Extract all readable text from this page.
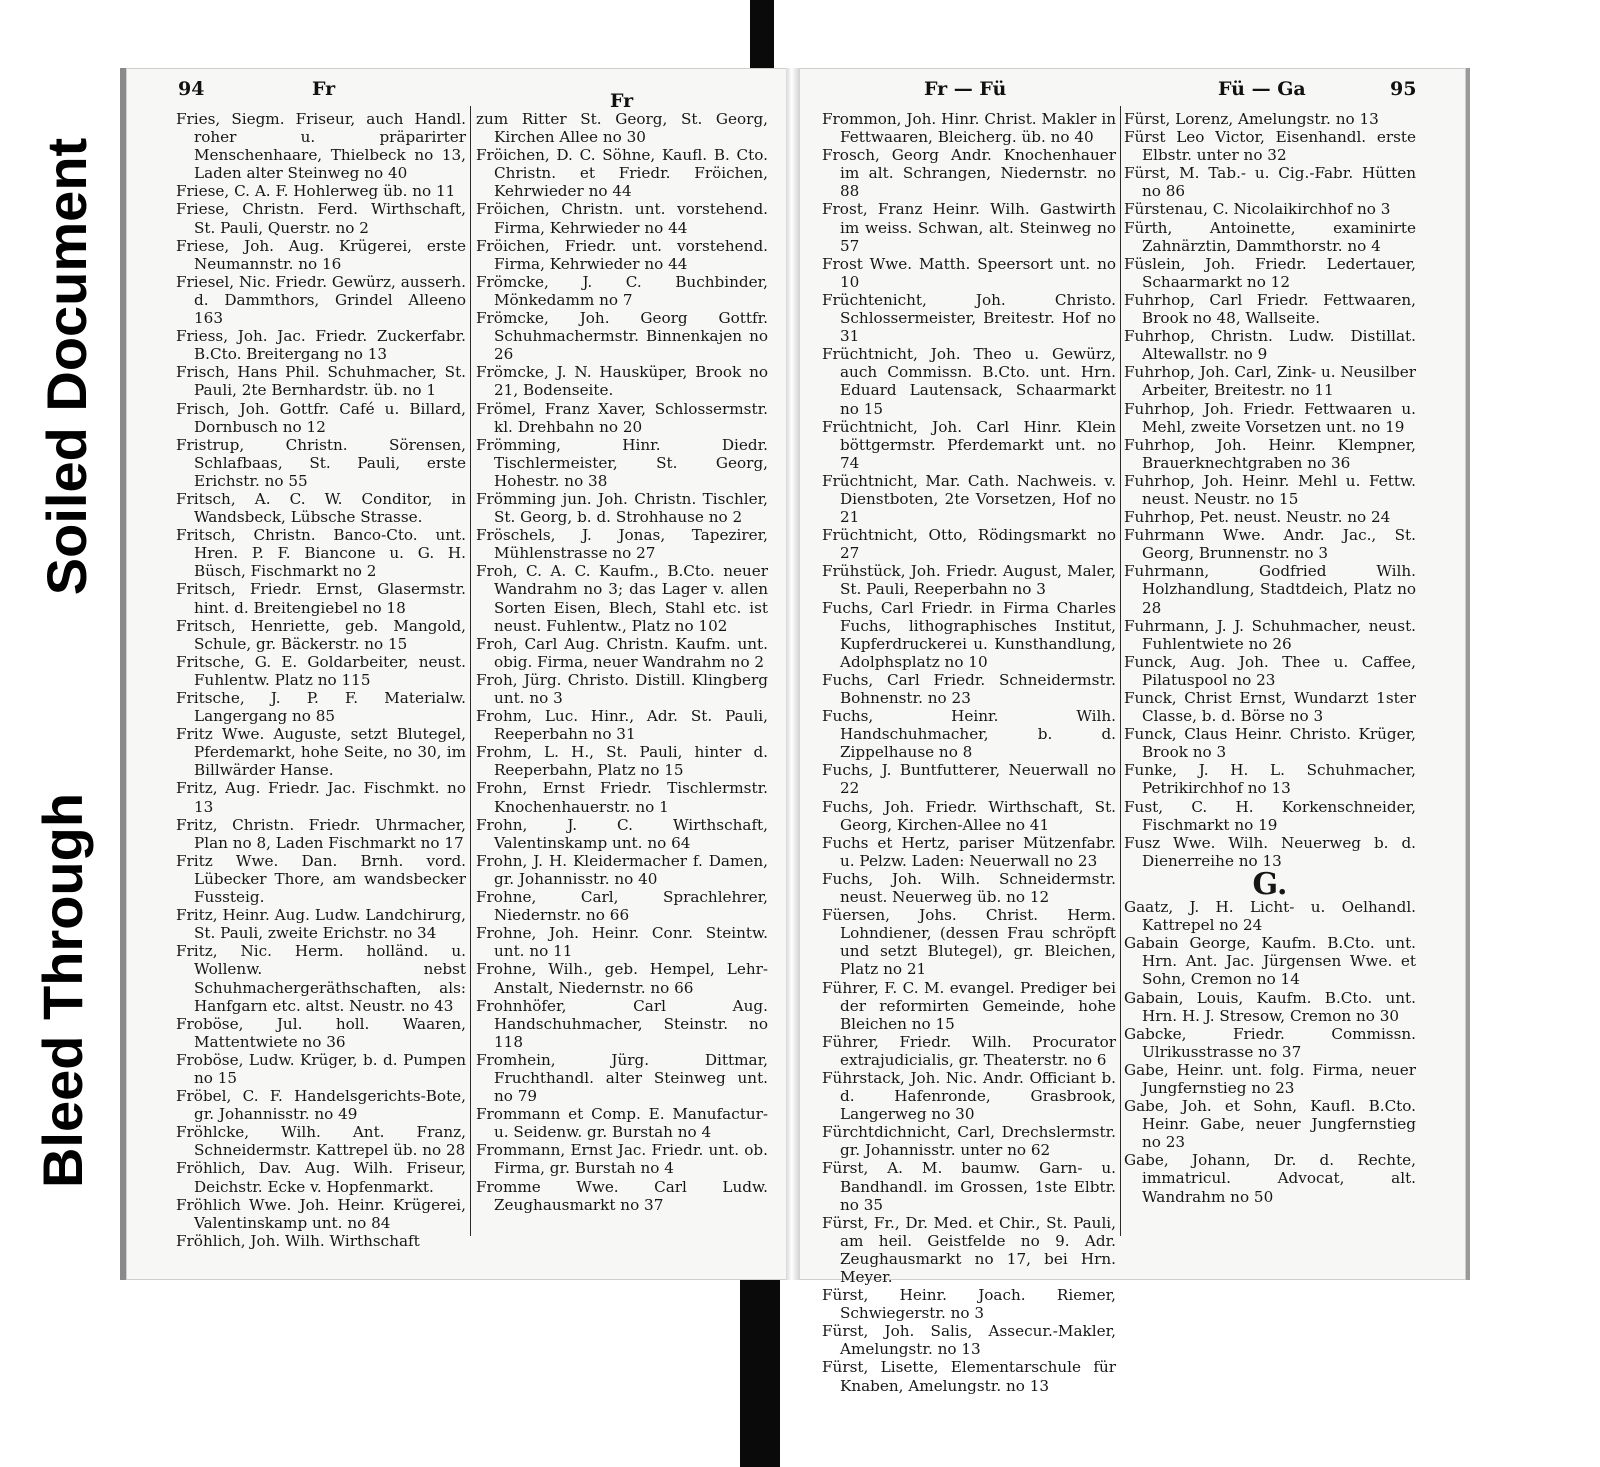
94	Fr
Fr
Fr — Fü	Fü — Ga	95

Fries, Siegm. Friseur, auch Handl. roher u. präparirter Menschenhaare, Thielbeck no 13, Laden alter Steinweg no 40

Friese, C. A. F. Hohlerweg üb. no 11

Friese, Christn. Ferd. Wirthschaft, St. Pauli, Querstr. no 2

Friese, Joh. Aug. Krügerei, erste Neumannstr. no 16

Friesel, Nic. Friedr. Gewürz, ausserh. d. Dammthors, Grindel Alleeno 163

Friess, Joh. Jac. Friedr. Zuckerfabr. B.Cto. Breitergang no 13

Frisch, Hans Phil. Schuhmacher, St. Pauli, 2te Bernhardstr. üb. no 1

Frisch, Joh. Gottfr. Café u. Billard, Dornbusch no 12

Fristrup, Christn. Sörensen, Schlafbaas, St. Pauli, erste Erichstr. no 55

Fritsch, A. C. W. Conditor, in Wandsbeck, Lübsche Strasse.

Fritsch, Christn. Banco-Cto. unt. Hren. P. F. Biancone u. G. H. Büsch, Fischmarkt no 2

Fritsch, Friedr. Ernst, Glasermstr. hint. d. Breitengiebel no 18

Fritsch, Henriette, geb. Mangold, Schule, gr. Bäckerstr. no 15

Fritsche, G. E. Goldarbeiter, neust. Fuhlentw. Platz no 115

Fritsche, J. P. F. Materialw. Langergang no 85

Fritz Wwe. Auguste, setzt Blutegel, Pferdemarkt, hohe Seite, no 30, im Billwärder Hanse.

Fritz, Aug. Friedr. Jac. Fischmkt. no 13

Fritz, Christn. Friedr. Uhrmacher, Plan no 8, Laden Fischmarkt no 17

Fritz Wwe. Dan. Brnh. vord. Lübecker Thore, am wandsbecker Fussteig.

Fritz, Heinr. Aug. Ludw. Landchirurg, St. Pauli, zweite Erichstr. no 34

Fritz, Nic. Herm. holländ. u. Wollenw. nebst Schuhmachergeräthschaften, als: Hanfgarn etc. altst. Neustr. no 43

Froböse, Jul. holl. Waaren, Mattentwiete no 36

Froböse, Ludw. Krüger, b. d. Pumpen no 15

Fröbel, C. F. Handelsgerichts-Bote, gr. Johannisstr. no 49

Fröhlcke, Wilh. Ant. Franz, Schneidermstr. Kattrepel üb. no 28

Fröhlich, Dav. Aug. Wilh. Friseur, Deichstr. Ecke v. Hopfenmarkt.

Fröhlich Wwe. Joh. Heinr. Krügerei, Valentinskamp unt. no 84

Fröhlich, Joh. Wilh. Wirthschaft

zum Ritter St. Georg, St. Georg, Kirchen Allee no 30

Fröichen, D. C. Söhne, Kaufl. B. Cto. Christn. et Friedr. Fröichen, Kehrwieder no 44

Fröichen, Christn. unt. vorstehend. Firma, Kehrwieder no 44

Fröichen, Friedr. unt. vorstehend. Firma, Kehrwieder no 44

Frömcke, J. C. Buchbinder, Mönkedamm no 7

Frömcke, Joh. Georg Gottfr. Schuhmachermstr. Binnenkajen no 26

Frömcke, J. N. Hausküper, Brook no 21, Bodenseite.

Frömel, Franz Xaver, Schlossermstr. kl. Drehbahn no 20

Frömming, Hinr. Diedr. Tischlermeister, St. Georg, Hohestr. no 38

Frömming jun. Joh. Christn. Tischler, St. Georg, b. d. Strohhause no 2

Fröschels, J. Jonas, Tapezirer, Mühlenstrasse no 27

Froh, C. A. C. Kaufm., B.Cto. neuer Wandrahm no 3; das Lager v. allen Sorten Eisen, Blech, Stahl etc. ist neust. Fuhlentw., Platz no 102

Froh, Carl Aug. Christn. Kaufm. unt. obig. Firma, neuer Wandrahm no 2

Froh, Jürg. Christo. Distill. Klingberg unt. no 3

Frohm, Luc. Hinr., Adr. St. Pauli, Reeperbahn no 31

Frohm, L. H., St. Pauli, hinter d. Reeperbahn, Platz no 15

Frohn, Ernst Friedr. Tischlermstr. Knochenhauerstr. no 1

Frohn, J. C. Wirthschaft, Valentinskamp unt. no 64

Frohn, J. H. Kleidermacher f. Damen, gr. Johannisstr. no 40

Frohne, Carl, Sprachlehrer, Niedernstr. no 66

Frohne, Joh. Heinr. Conr. Steintw. unt. no 11

Frohne, Wilh., geb. Hempel, Lehr-Anstalt, Niedernstr. no 66

Frohnhöfer, Carl Aug. Handschuhmacher, Steinstr. no 118

Fromhein, Jürg. Dittmar, Fruchthandl. alter Steinweg unt. no 79

Frommann et Comp. E. Manufactur- u. Seidenw. gr. Burstah no 4

Frommann, Ernst Jac. Friedr. unt. ob. Firma, gr. Burstah no 4

Fromme Wwe. Carl Ludw. Zeughausmarkt no 37

Frommon, Joh. Hinr. Christ. Makler in Fettwaaren, Bleicherg. üb. no 40

Frosch, Georg Andr. Knochenhauer im alt. Schrangen, Niedernstr. no 88

Frost, Franz Heinr. Wilh. Gastwirth im weiss. Schwan, alt. Steinweg no 57

Frost Wwe. Matth. Speersort unt. no 10

Früchtenicht, Joh. Christo. Schlossermeister, Breitestr. Hof no 31

Früchtnicht, Joh. Theo u. Gewürz, auch Commissn. B.Cto. unt. Hrn. Eduard Lautensack, Schaarmarkt no 15

Früchtnicht, Joh. Carl Hinr. Klein böttgermstr. Pferdemarkt unt. no 74

Früchtnicht, Mar. Cath. Nachweis. v. Dienstboten, 2te Vorsetzen, Hof no 21

Früchtnicht, Otto, Rödingsmarkt no 27

Frühstück, Joh. Friedr. August, Maler, St. Pauli, Reeperbahn no 3

Fuchs, Carl Friedr. in Firma Charles Fuchs, lithographisches Institut, Kupferdruckerei u. Kunsthandlung, Adolphsplatz no 10

Fuchs, Carl Friedr. Schneidermstr. Bohnenstr. no 23

Fuchs, Heinr. Wilh. Handschuhmacher, b. d. Zippelhause no 8

Fuchs, J. Buntfutterer, Neuerwall no 22

Fuchs, Joh. Friedr. Wirthschaft, St. Georg, Kirchen-Allee no 41

Fuchs et Hertz, pariser Mützenfabr. u. Pelzw. Laden: Neuerwall no 23

Fuchs, Joh. Wilh. Schneidermstr. neust. Neuerweg üb. no 12

Füersen, Johs. Christ. Herm. Lohndiener, (dessen Frau schröpft und setzt Blutegel), gr. Bleichen, Platz no 21

Führer, F. C. M. evangel. Prediger bei der reformirten Gemeinde, hohe Bleichen no 15

Führer, Friedr. Wilh. Procurator extrajudicialis, gr. Theaterstr. no 6

Führstack, Joh. Nic. Andr. Officiant b. d. Hafenronde, Grasbrook, Langerweg no 30

Fürchtdichnicht, Carl, Drechslermstr. gr. Johannisstr. unter no 62

Fürst, A. M. baumw. Garn- u. Bandhandl. im Grossen, 1ste Elbtr. no 35

Fürst, Fr., Dr. Med. et Chir., St. Pauli, am heil. Geistfelde no 9. Adr. Zeughausmarkt no 17, bei Hrn. Meyer.

Fürst, Heinr. Joach. Riemer, Schwiegerstr. no 3

Fürst, Joh. Salis, Assecur.-Makler, Amelungstr. no 13

Fürst, Lisette, Elementarschule für Knaben, Amelungstr. no 13

Fürst, Lorenz, Amelungstr. no 13

Fürst Leo Victor, Eisenhandl. erste Elbstr. unter no 32

Fürst, M. Tab.- u. Cig.-Fabr. Hütten no 86

Fürstenau, C. Nicolaikirchhof no 3

Fürth, Antoinette, examinirte Zahnärztin, Dammthorstr. no 4

Füslein, Joh. Friedr. Ledertauer, Schaarmarkt no 12

Fuhrhop, Carl Friedr. Fettwaaren, Brook no 48, Wallseite.

Fuhrhop, Christn. Ludw. Distillat. Altewallstr. no 9

Fuhrhop, Joh. Carl, Zink- u. Neusilber Arbeiter, Breitestr. no 11

Fuhrhop, Joh. Friedr. Fettwaaren u. Mehl, zweite Vorsetzen unt. no 19

Fuhrhop, Joh. Heinr. Klempner, Brauerknechtgraben no 36

Fuhrhop, Joh. Heinr. Mehl u. Fettw. neust. Neustr. no 15

Fuhrhop, Pet. neust. Neustr. no 24

Fuhrmann Wwe. Andr. Jac., St. Georg, Brunnenstr. no 3

Fuhrmann, Godfried Wilh. Holzhandlung, Stadtdeich, Platz no 28

Fuhrmann, J. J. Schuhmacher, neust. Fuhlentwiete no 26

Funck, Aug. Joh. Thee u. Caffee, Pilatuspool no 23

Funck, Christ Ernst, Wundarzt 1ster Classe, b. d. Börse no 3

Funck, Claus Heinr. Christo. Krüger, Brook no 3

Funke, J. H. L. Schuhmacher, Petrikirchhof no 13

Fust, C. H. Korkenschneider, Fischmarkt no 19

Fusz Wwe. Wilh. Neuerweg b. d. Dienerreihe no 13

G.

Gaatz, J. H. Licht- u. Oelhandl. Kattrepel no 24

Gabain George, Kaufm. B.Cto. unt. Hrn. Ant. Jac. Jürgensen Wwe. et Sohn, Cremon no 14

Gabain, Louis, Kaufm. B.Cto. unt. Hrn. H. J. Stresow, Cremon no 30

Gabcke, Friedr. Commissn. Ulrikusstrasse no 37

Gabe, Heinr. unt. folg. Firma, neuer Jungfernstieg no 23

Gabe, Joh. et Sohn, Kaufl. B.Cto. Heinr. Gabe, neuer Jungfernstieg no 23

Gabe, Johann, Dr. d. Rechte, immatricul. Advocat, alt. Wandrahm no 50

Soiled Document
Bleed Through
